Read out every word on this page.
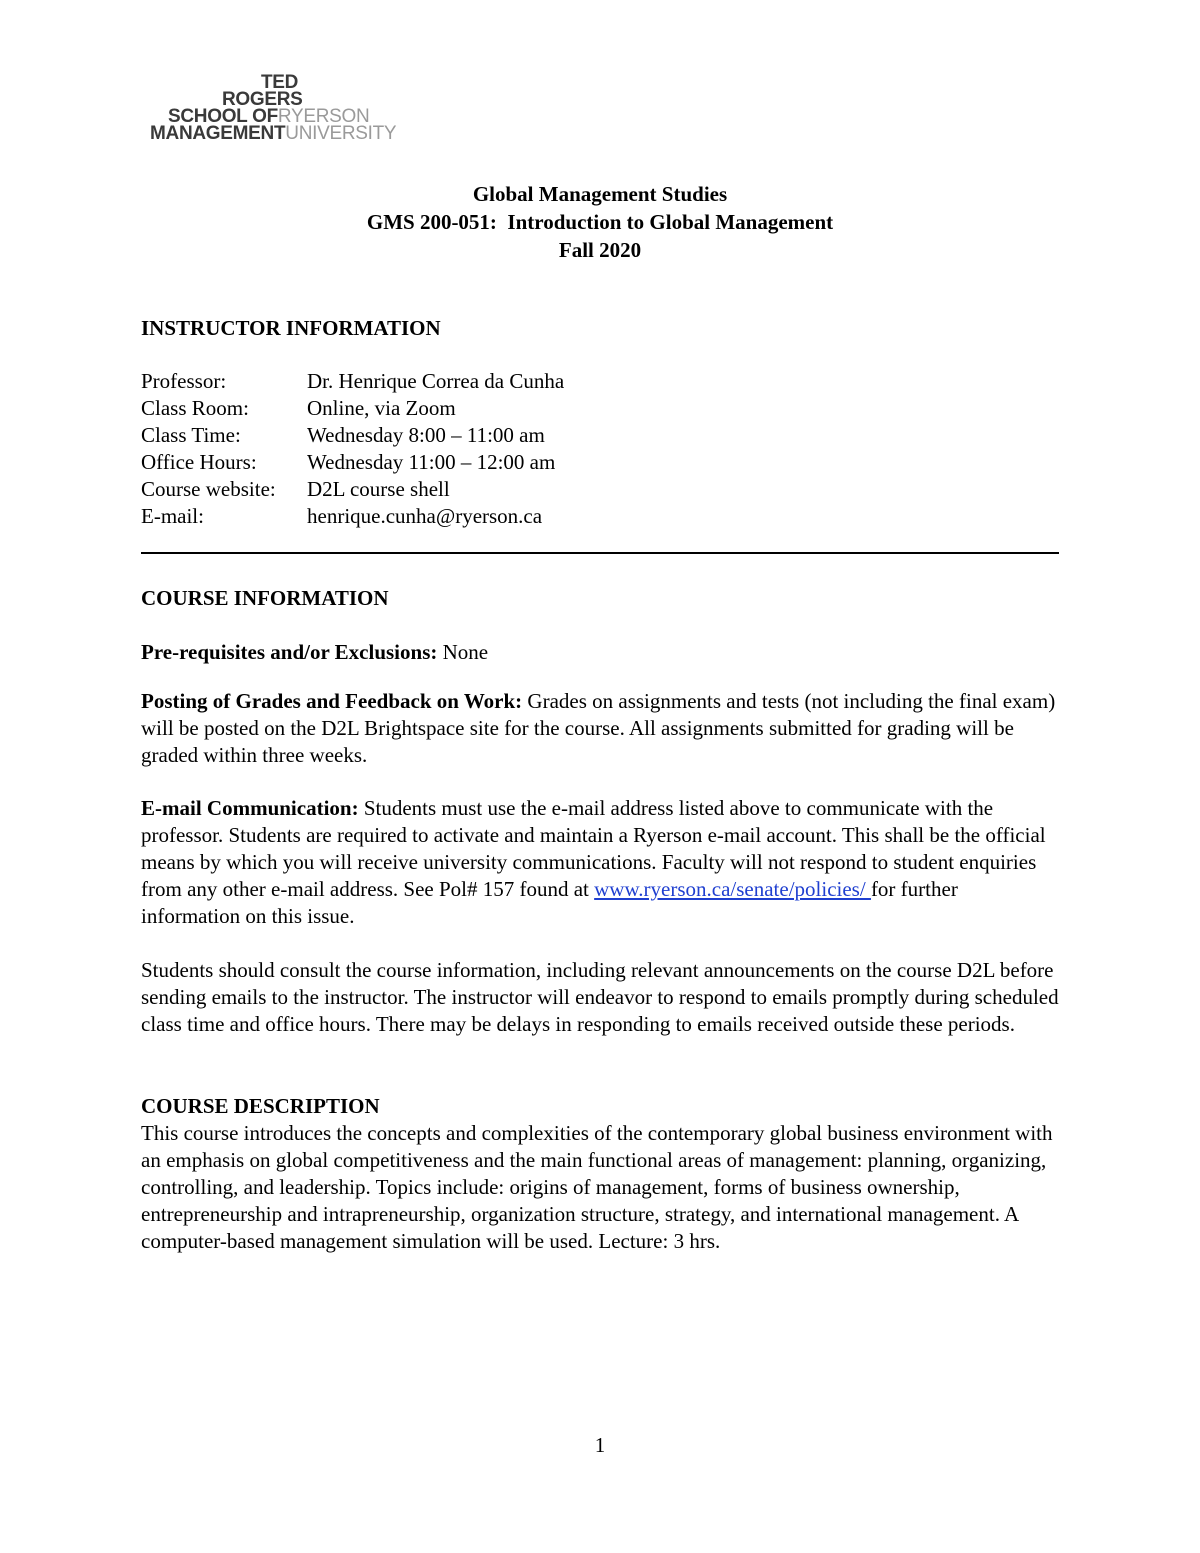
TED
ROGERS
SCHOOL OFRYERSON
MANAGEMENTUNIVERSITY
Global Management Studies
GMS 200-051:  Introduction to Global Management
Fall 2020
INSTRUCTOR INFORMATION
Professor:	Dr. Henrique Correa da Cunha
Class Room:	Online, via Zoom
Class Time:	Wednesday 8:00 – 11:00 am
Office Hours:	Wednesday 11:00 – 12:00 am
Course website:	D2L course shell
E-mail:	henrique.cunha@ryerson.ca
COURSE INFORMATION

Pre-requisites and/or Exclusions: None

Posting of Grades and Feedback on Work: Grades on assignments and tests (not including the final exam) will be posted on the D2L Brightspace site for the course. All assignments submitted for grading will be graded within three weeks.

E-mail Communication: Students must use the e-mail address listed above to communicate with the professor. Students are required to activate and maintain a Ryerson e-mail account. This shall be the official means by which you will receive university communications. Faculty will not respond to student enquiries from any other e-mail address. See Pol# 157 found at www.ryerson.ca/senate/policies/ for further information on this issue.

Students should consult the course information, including relevant announcements on the course D2L before sending emails to the instructor. The instructor will endeavor to respond to emails promptly during scheduled class time and office hours. There may be delays in responding to emails received outside these periods.

COURSE DESCRIPTION

This course introduces the concepts and complexities of the contemporary global business environment with an emphasis on global competitiveness and the main functional areas of management: planning, organizing, controlling, and leadership. Topics include: origins of management, forms of business ownership, entrepreneurship and intrapreneurship, organization structure, strategy, and international management. A computer-based management simulation will be used. Lecture: 3 hrs.

1
